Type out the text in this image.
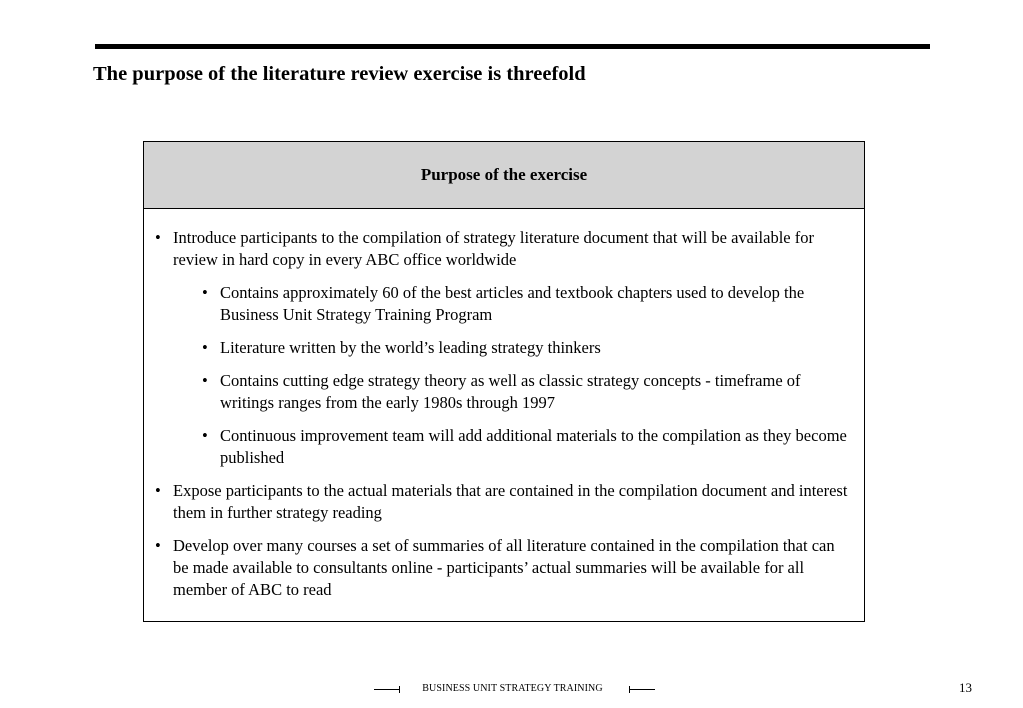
The purpose of the literature review exercise is threefold
Purpose of the exercise
• Introduce participants to the compilation of strategy literature document that will be available for review in hard copy in every ABC office worldwide
• Contains approximately 60 of the best articles and textbook chapters used to develop the Business Unit Strategy Training Program
• Literature written by the world’s leading strategy thinkers
• Contains cutting edge strategy theory as well as classic strategy concepts - timeframe of writings ranges from the early 1980s through 1997
• Continuous improvement team will add additional materials to the compilation as they become published
• Expose participants to the actual materials that are contained in the compilation document and interest them in further strategy reading
• Develop over many courses a set of summaries of all literature contained in the compilation that can be made available to consultants online - participants’ actual summaries will be available for all member of ABC to read
BUSINESS UNIT STRATEGY TRAINING	13
